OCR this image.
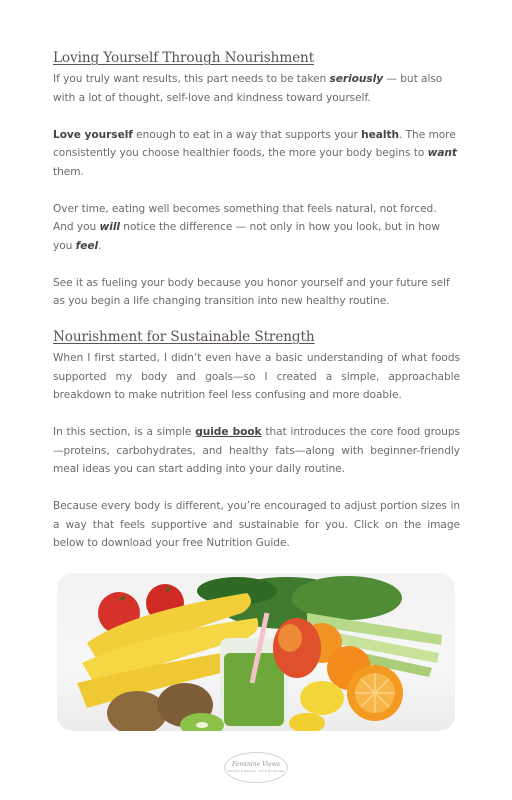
Loving Yourself Through Nourishment

If you truly want results, this part needs to be taken seriously — but also with a lot of thought, self-love and kindness toward yourself.

Love yourself enough to eat in a way that supports your health. The more consistently you choose healthier foods, the more your body begins to want them.

Over time, eating well becomes something that feels natural, not forced. And you will notice the difference — not only in how you look, but in how you feel.

See it as fueling your body because you honor yourself and your future self as you begin a life changing transition into new healthy routine.

Nourishment for Sustainable Strength

When I first started, I didn’t even have a basic understanding of what foods supported my body and goals—so I created a simple, approachable breakdown to make nutrition feel less confusing and more doable.

In this section, is a simple guide book that introduces the core food groups —proteins, carbohydrates, and healthy fats—along with beginner-friendly meal ideas you can start adding into your daily routine.

Because every body is different, you’re encouraged to adjust portion sizes in a way that feels supportive and sustainable for you. Click on the image below to download your free Nutrition Guide.

Feminine Views
Nutrition & Wellness · Life & Mindfulness
